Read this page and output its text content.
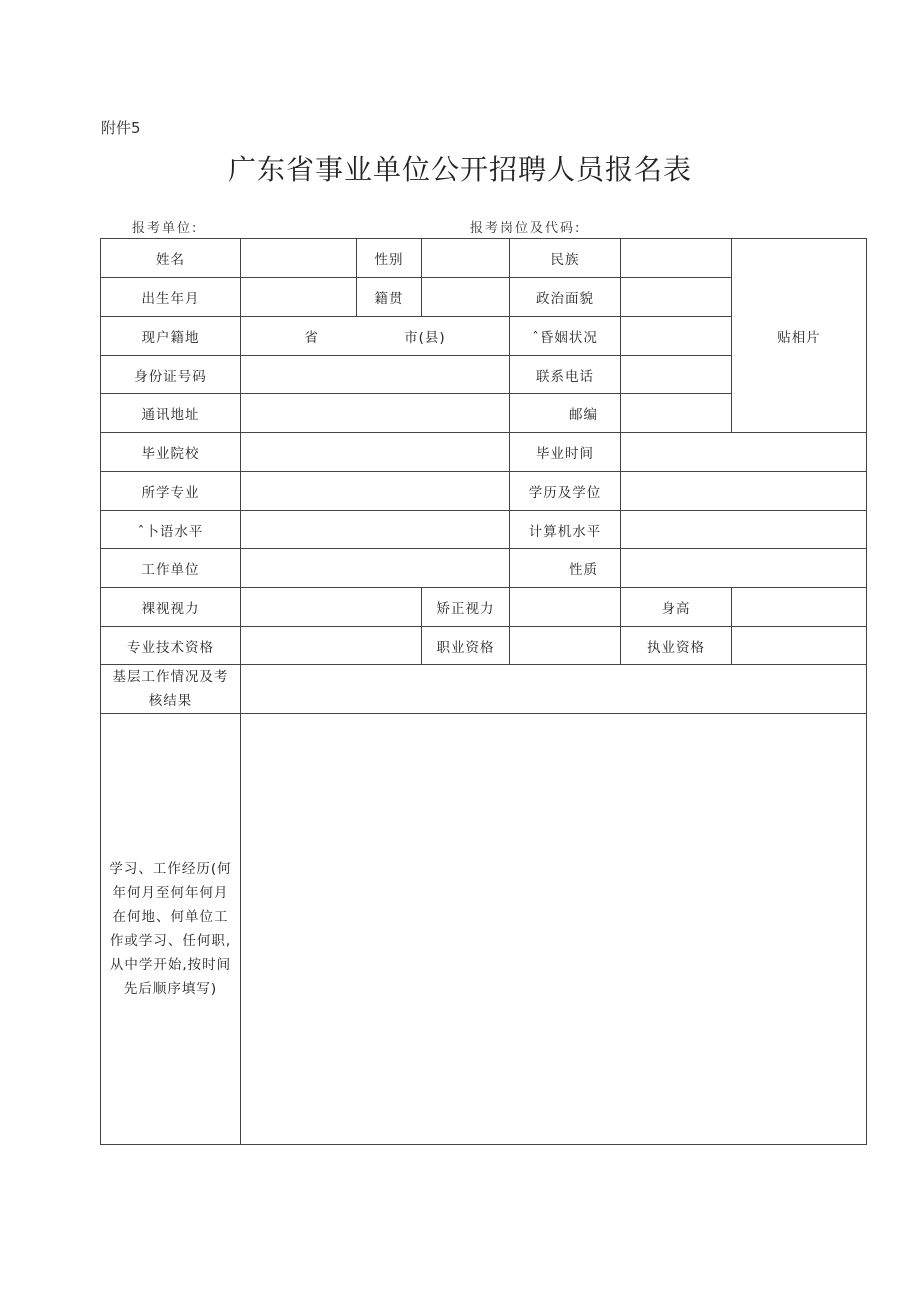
附件5
广东省事业单位公开招聘人员报名表
报考单位:	报考岗位及代码:
姓名		性别		民族		贴相片
出生年月		籍贯		政治面貌		
现户籍地	省 市(县)			ˆ昏姻状况		
身份证号码				联系电话		
通讯地址				邮编		
毕业院校				毕业时间		
所学专业				学历及学位		
ˆ卜语水平				计算机水平		
工作单位				性质		
裸视视力			矫正视力		身高	
专业技术资格			职业资格		执业资格	
基层工作情况及考核结果						
学习、工作经历(何年何月至何年何月在何地、何单位工作或学习、任何职,从中学开始,按时间先后顺序填写)						
